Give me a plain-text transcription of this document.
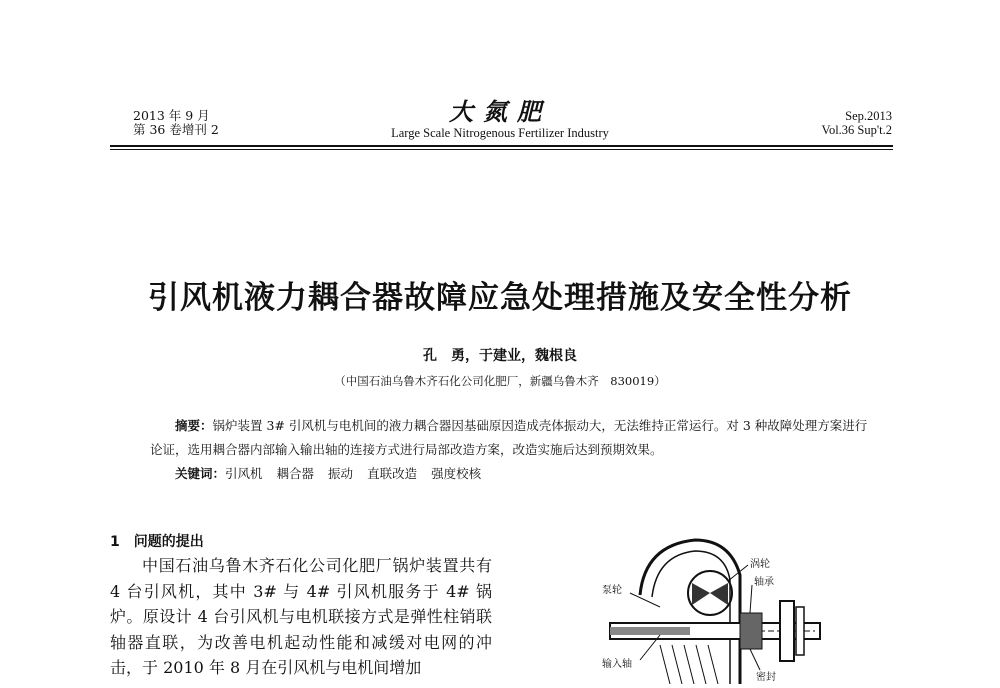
2013 年 9 月
第 36 卷增刊 2
大氮肥
Large Scale Nitrogenous Fertilizer Industry
Sep.2013
Vol.36 Sup't.2
引风机液力耦合器故障应急处理措施及安全性分析
孔　勇，于建业，魏根良
（中国石油乌鲁木齐石化公司化肥厂，新疆乌鲁木齐　830019）
摘要：锅炉装置 3# 引风机与电机间的液力耦合器因基础原因造成壳体振动大，无法维持正常运行。对 3 种故障处理方案进行论证，选用耦合器内部输入输出轴的连接方式进行局部改造方案，改造实施后达到预期效果。
关键词：引风机 耦合器 振动 直联改造 强度校核
1 问题的提出
中国石油乌鲁木齐石化公司化肥厂锅炉装置共有 4 台引风机，其中 3# 与 4# 引风机服务于 4# 锅炉。原设计 4 台引风机与电机联接方式是弹性柱销联轴器直联，为改善电机起动性能和减缓对电网的冲击，于 2010 年 8 月在引风机与电机间增加
涡轮
泵轮
轴承
输入轴
密封
